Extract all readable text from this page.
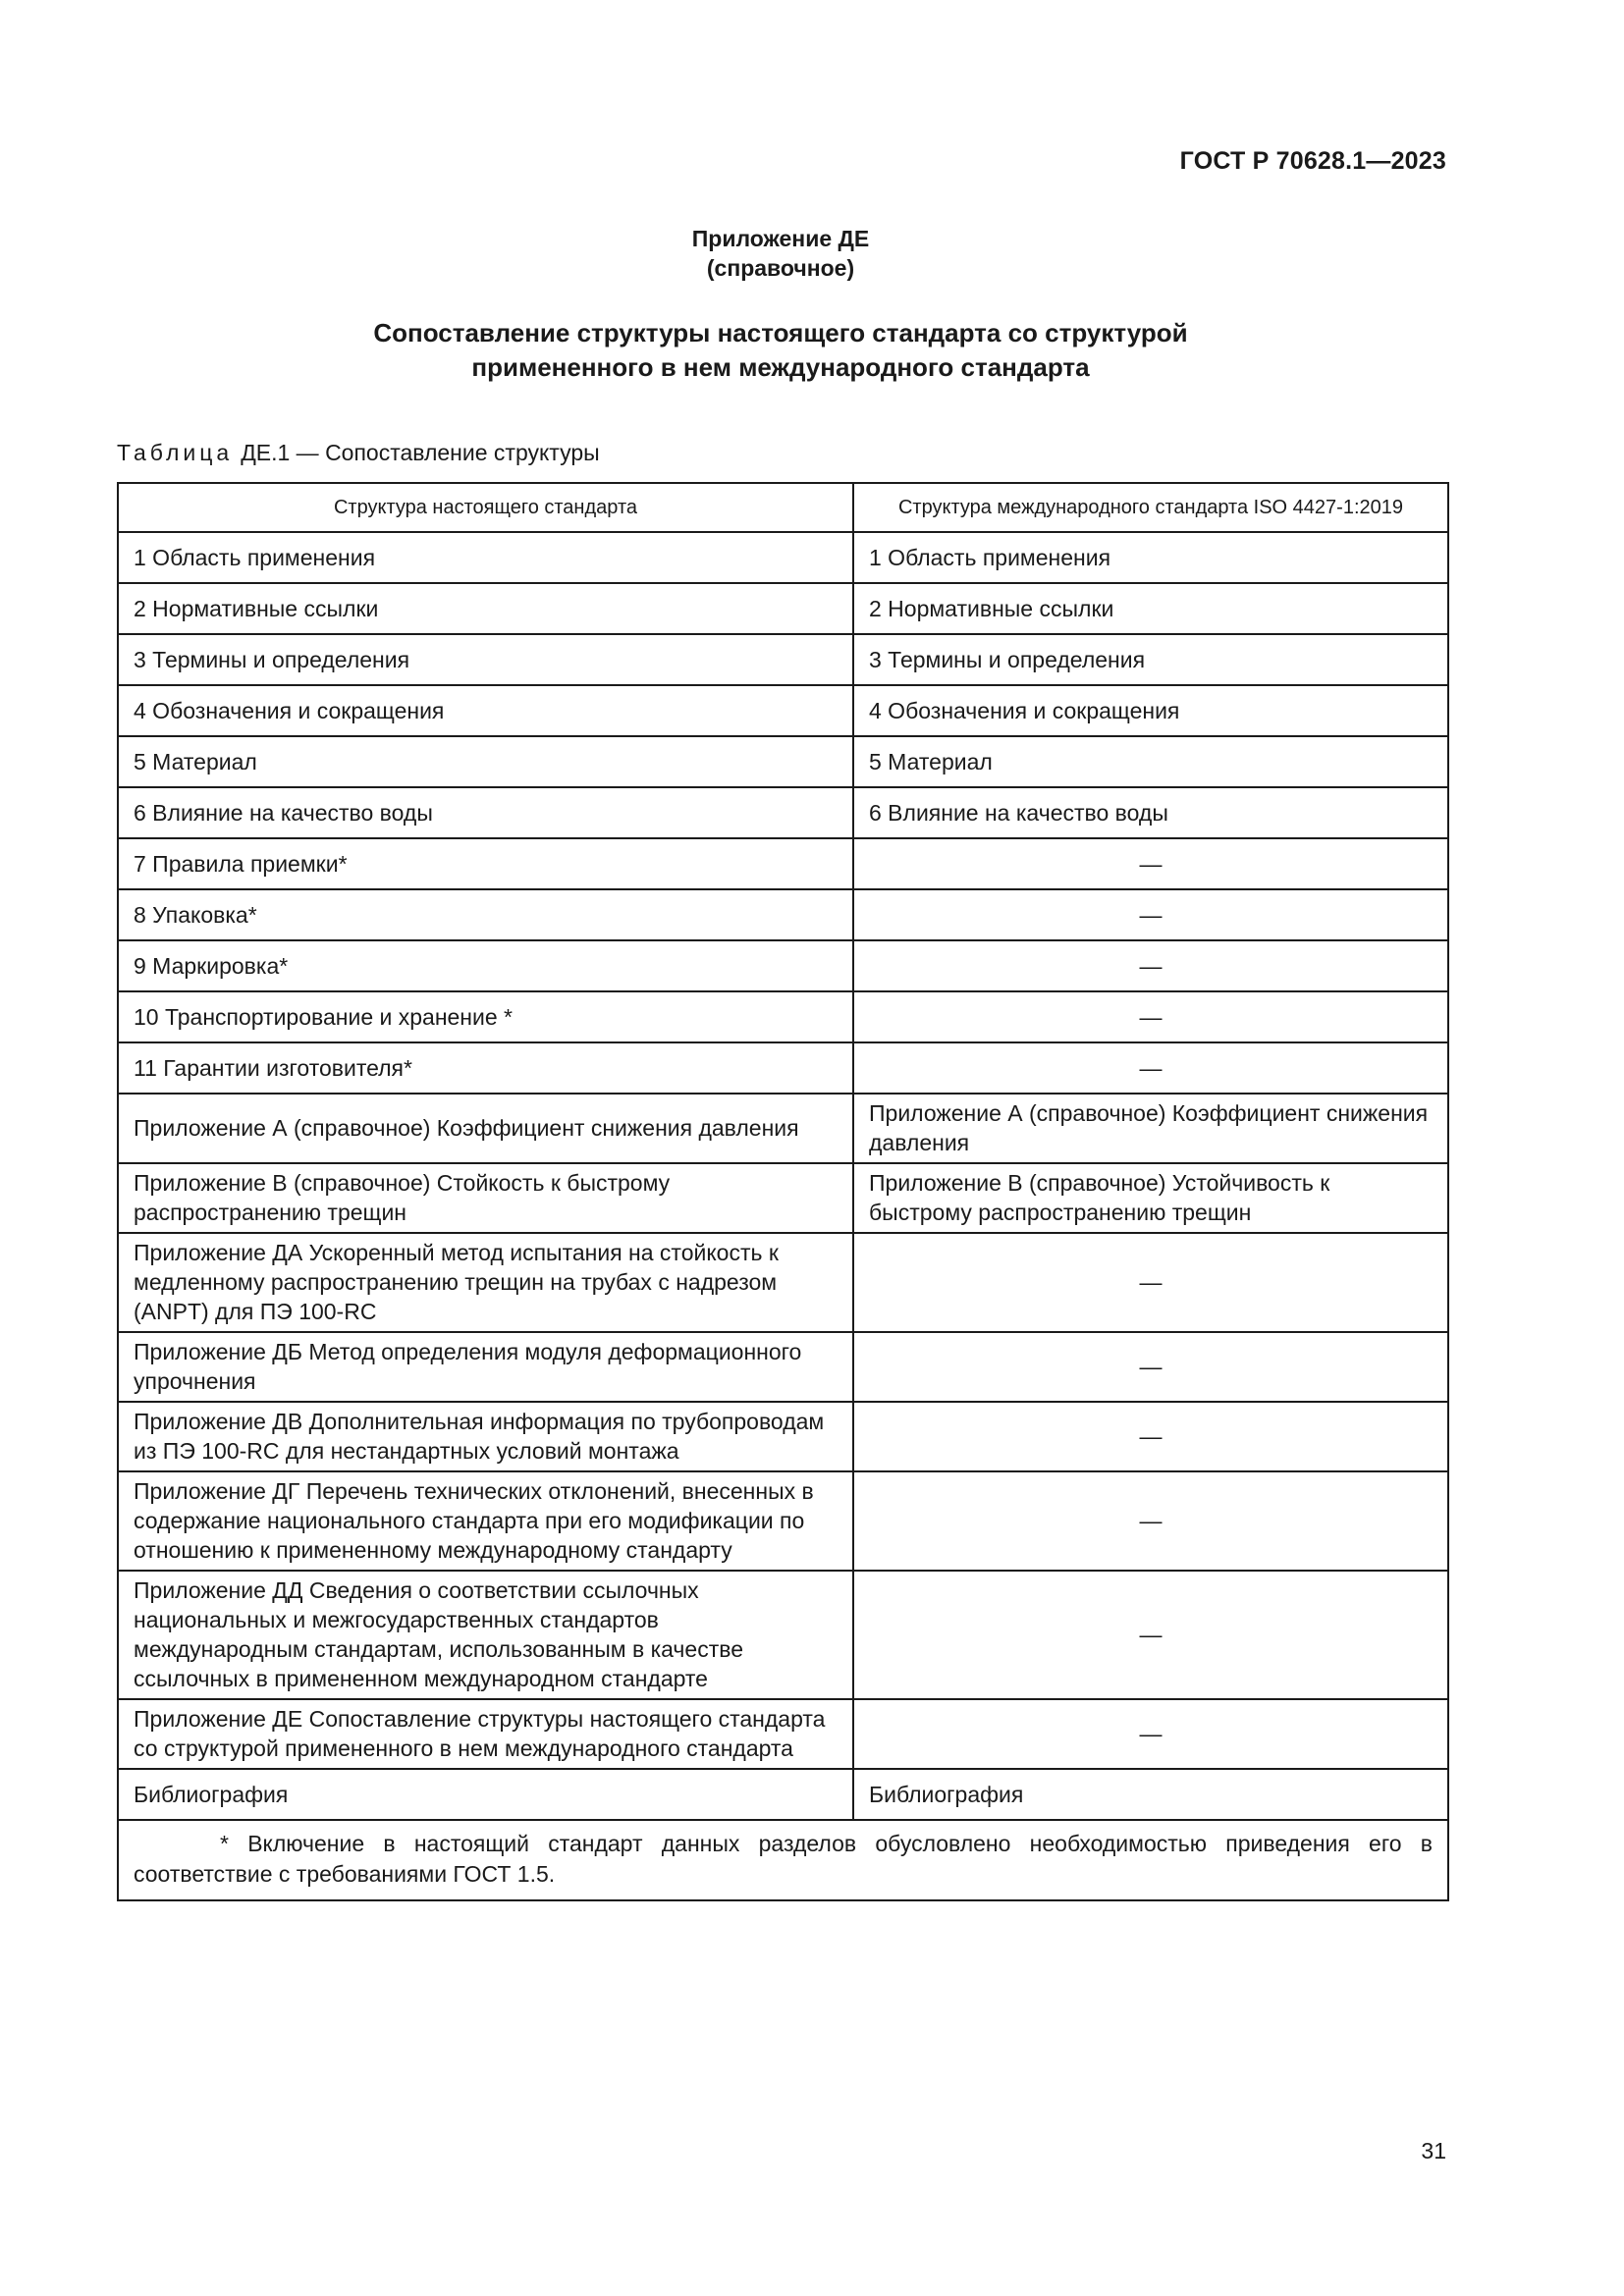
ГОСТ Р 70628.1—2023
Приложение ДЕ
(справочное)
Сопоставление структуры настоящего стандарта со структурой
примененного в нем международного стандарта
Таблица ДЕ.1 — Сопоставление структуры
Структура настоящего стандарта	Структура международного стандарта ISO 4427-1:2019
1 Область применения	1 Область применения
2 Нормативные ссылки	2 Нормативные ссылки
3 Термины и определения	3 Термины и определения
4 Обозначения и сокращения	4 Обозначения и сокращения
5 Материал	5 Материал
6 Влияние на качество воды	6 Влияние на качество воды
7 Правила приемки*	—
8 Упаковка*	—
9 Маркировка*	—
10 Транспортирование и хранение *	—
11 Гарантии изготовителя*	—
Приложение А (справочное) Коэффициент снижения давления	Приложение А (справочное) Коэффициент снижения давления
Приложение В (справочное) Стойкость к быстрому распространению трещин	Приложение В (справочное) Устойчивость к быстрому распространению трещин
Приложение ДА Ускоренный метод испытания на стойкость к медленному распространению трещин на трубах с надрезом (ANPT) для ПЭ 100-RC	—
Приложение ДБ Метод определения модуля деформационного упрочнения	—
Приложение ДВ Дополнительная информация по трубопроводам из ПЭ 100-RC для нестандартных условий монтажа	—
Приложение ДГ Перечень технических отклонений, внесенных в содержание национального стандарта при его модификации по отношению к примененному международному стандарту	—
Приложение ДД Сведения о соответствии ссылочных национальных и межгосударственных стандартов международным стандартам, использованным в качестве ссылочных в примененном международном стандарте	—
Приложение ДЕ Сопоставление структуры настоящего стандарта со структурой примененного в нем международного стандарта	—
Библиография	Библиография
* Включение в настоящий стандарт данных разделов обусловлено необходимостью приведения его в соответствие с требованиями ГОСТ 1.5.	
31
